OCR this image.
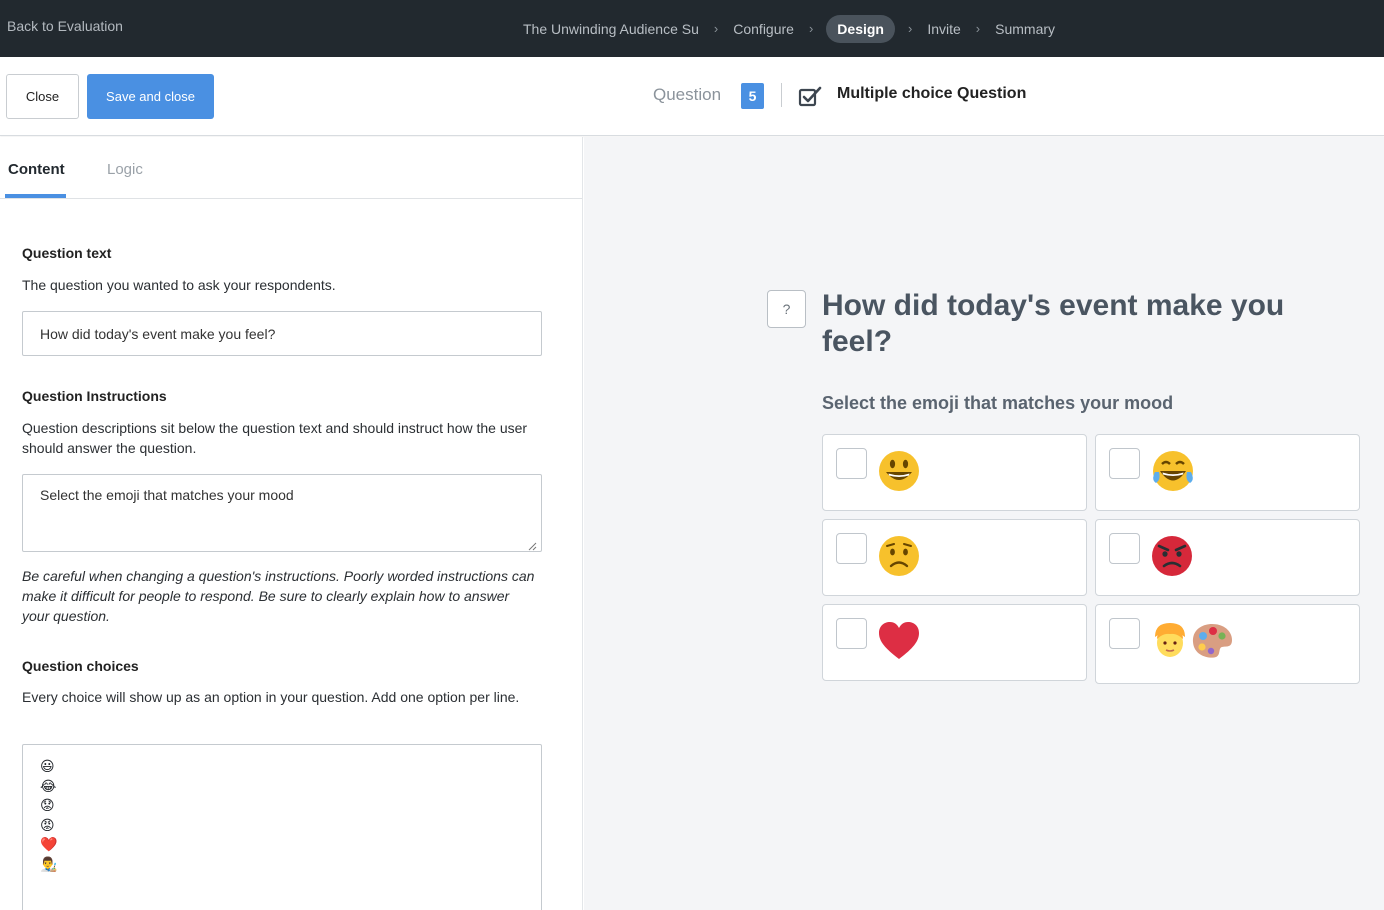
Back to Evaluation	The Unwinding Audience Su › Configure ›	Design	› Invite › Summary
Close	Save and close	Question	5	Multiple choice Question
Content	Logic
Question text
The question you wanted to ask your respondents.
How did today's event make you feel?
Question Instructions
Question descriptions sit below the question text and should instruct how the user should answer the question.
Select the emoji that matches your mood
Be careful when changing a question's instructions. Poorly worded instructions can make it difficult for people to respond. Be sure to clearly explain how to answer your question.
Question choices
Every choice will show up as an option in your question. Add one option per line.
😃
😂
😟
😡
❤️
👨‍🎨
?	How did today's event make you feel?
Select the emoji that matches your mood
